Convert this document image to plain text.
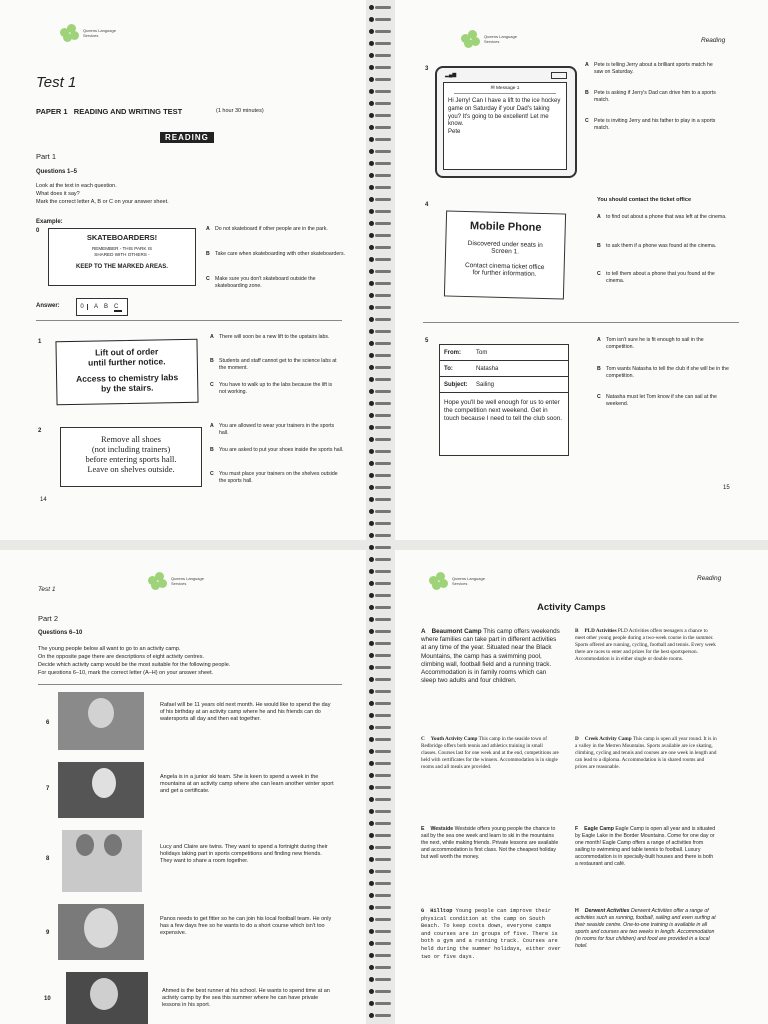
Queens Language Services
Test 1
PAPER 1   READING AND WRITING TEST	(1 hour 30 minutes)
READING
Part 1
Questions 1–5
Look at the text in each question.
What does it say?
Mark the correct letter A, B or C on your answer sheet.
Example:
0
SKATEBOARDERS!
REMEMBER - THIS PARK IS SHARED WITH OTHERS -
KEEP TO THE MARKED AREAS.
A Do not skateboard if other people are in the park.
B Take care when skateboarding with other skateboarders.
C Make sure you don't skateboard outside the skateboarding zone.
Answer:	0	A B C
1
Lift out of order
until further notice.
Access to chemistry labs
by the stairs.
A There will soon be a new lift to the upstairs labs.
B Students and staff cannot get to the science labs at the moment.
C You have to walk up to the labs because the lift is not working.
2
Remove all shoes
(not including trainers)
before entering sports hall.
Leave on shelves outside.
A You are allowed to wear your trainers in the sports hall.
B You are asked to put your shoes inside the sports hall.
C You must place your trainers on the shelves outside the sports hall.
14
Queens Language Services	Reading
3
▂▄▆
✉ Message 1
Hi Jerry! Can I have a lift to the ice hockey game on Saturday if your Dad's taking you? It's going to be excellent! Let me know.
Pete
A Pete is telling Jerry about a brilliant sports match he saw on Saturday.
B Pete is asking if Jerry's Dad can drive him to a sports match.
C Pete is inviting Jerry and his father to play in a sports match.
4
Mobile Phone
Discovered under seats in
Screen 1.
Contact cinema ticket office
for further information.
You should contact the ticket office
A to find out about a phone that was left at the cinema.
B to ask them if a phone was found at the cinema.
C to tell them about a phone that you found at the cinema.
5
From:	Tom
To:	Natasha
Subject:	Sailing
Hope you'll be well enough for us to enter the competition next weekend. Get in touch because I need to tell the club soon.
A Tom isn't sure he is fit enough to sail in the competition.
B Tom wants Natasha to tell the club if she will be in the competition.
C Natasha must let Tom know if she can sail at the weekend.
15
Queens Language Services
Test 1
Part 2
Questions 6–10
The young people below all want to go to an activity camp.
On the opposite page there are descriptions of eight activity centres.
Decide which activity camp would be the most suitable for the following people.
For questions 6–10, mark the correct letter (A–H) on your answer sheet.
6
Rafael will be 11 years old next month. He would like to spend the day of his birthday at an activity camp where he and his friends can do watersports all day and then eat together.
7
Angela is in a junior ski team. She is keen to spend a week in the mountains at an activity camp where she can learn another winter sport and get a certificate.
8
Lucy and Claire are twins. They want to spend a fortnight during their holidays taking part in sports competitions and finding new friends. They want to share a room together.
9
Panos needs to get fitter so he can join his local football team. He only has a few days free so he wants to do a short course which isn't too expensive.
10
Ahmed is the best runner at his school. He wants to spend time at an activity camp by the sea this summer where he can have private lessons in his sport.
Queens Language Services
Reading
Activity Camps
A Beaumont Camp This camp offers weekends where families can take part in different activities at any time of the year. Situated near the Black Mountains, the camp has a swimming pool, climbing wall, football field and a running track. Accommodation is in family rooms which can sleep two adults and four children.
B PLD Activities PLD Activities offers teenagers a chance to meet other young people during a two-week course in the summer. Sports offered are running, cycling, football and tennis. Every week there are races to enter and prizes for the best sportsperson. Accommodation is in either single or double rooms.
C Youth Activity Camp This camp in the seaside town of Redbridge offers both tennis and athletics training in small classes. Courses last for one week and at the end, competitions are held with certificates for the winners. Accommodation is in single rooms and all meals are provided.
D Creek Activity Camp This camp is open all year round. It is in a valley in the Merren Mountains. Sports available are ice skating, climbing, cycling and tennis and courses are one week in length and can lead to a diploma. Accommodation is in shared rooms and prices are reasonable.
E Westside Westside offers young people the chance to sail by the sea one week and learn to ski in the mountains the next, while making friends. Private lessons are available and accommodation is first class. Not the cheapest holiday but well worth the money.
F Eagle Camp Eagle Camp is open all year and is situated by Eagle Lake in the Border Mountains. Come for one day or one month! Eagle Camp offers a range of activities from sailing to swimming and table tennis to football. Luxury accommodation is in specially-built houses and there is both a restaurant and café.
G Hilltop Young people can improve their physical condition at the camp on South Beach. To keep costs down, everyone camps and courses are in groups of five. There is both a gym and a running track. Courses are held during the summer holidays, either over two or five days.
H Derwent Activities Derwent Activities offer a range of activities such as running, football, sailing and even surfing at their seaside centre. One-to-one training is available in all sports and courses are two weeks in length. Accommodation (in rooms for four children) and food are provided in a local hotel.
